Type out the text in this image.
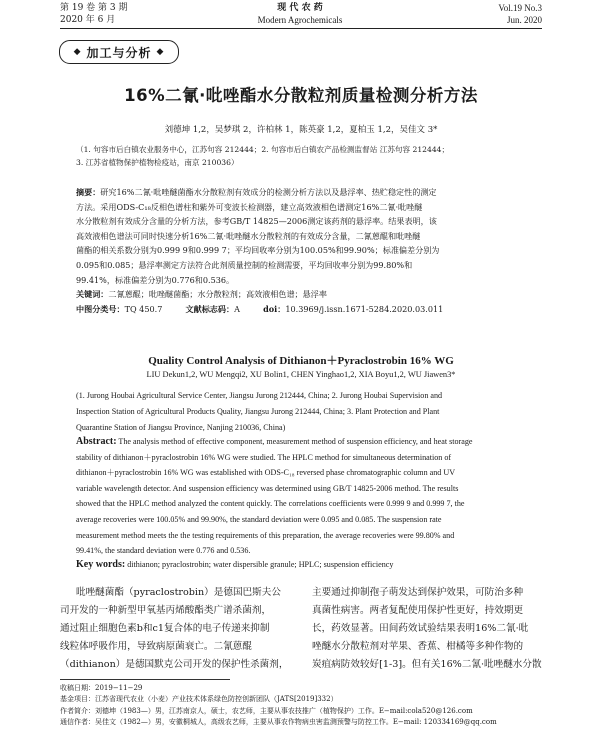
第 19 卷 第 3 期	现 代 农 药	Vol.19 No.3
2020 年 6 月	Modern Agrochemicals	Jun. 2020
◆ 加工与分析 ◆
16%二氰·吡唑酯水分散粒剂质量检测分析方法
刘德坤 1,2，吴梦琪 2，许柏林 1，陈英豪 1,2，夏柏玉 1,2，吴佳文 3*
（1. 句容市后白镇农业服务中心，江苏句容 212444；2. 句容市后白镇农产品检测监督站 江苏句容 212444；
3. 江苏省植物保护植物检疫站，南京 210036）
摘要：研究16%二氰·吡唑醚菌酯水分散粒剂有效成分的检测分析方法以及悬浮率、热贮稳定性的测定
方法。采用ODS-C₁₈反相色谱柱和紫外可变波长检测器，建立高效液相色谱测定16%二氰·吡唑醚
水分散粒剂有效成分含量的分析方法，参考GB/T 14825—2006测定该药剂的悬浮率。结果表明，该
高效液相色谱法可同时快速分析16%二氰·吡唑醚水分散粒剂的有效成分含量，二氰蒽醌和吡唑醚
菌酯的相关系数分别为0.999 9和0.999 7；平均回收率分别为100.05%和99.90%；标准偏差分别为
0.095和0.085；悬浮率测定方法符合此剂质量控制的检测需要，平均回收率分别为99.80%和
99.41%，标准偏差分别为0.776和0.536。
关键词：二氰蒽醌；吡唑醚菌酯；水分散粒剂；高效液相色谱；悬浮率
中图分类号：TQ 450.7	文献标志码：A	doi：10.3969/j.issn.1671-5284.2020.03.011
Quality Control Analysis of Dithianon＋Pyraclostrobin 16% WG
LIU Dekun1,2, WU Mengqi2, XU Bolin1, CHEN Yinghao1,2, XIA Boyu1,2, WU Jiawen3*
(1. Jurong Houbai Agricultural Service Center, Jiangsu Jurong 212444, China; 2. Jurong Houbai Supervision and
Inspection Station of Agricultural Products Quality, Jiangsu Jurong 212444, China; 3. Plant Protection and Plant
Quarantine Station of Jiangsu Province, Nanjing 210036, China)
Abstract: The analysis method of effective component, measurement method of suspension efficiency, and heat storage
stability of dithianon＋pyraclostrobin 16% WG were studied. The HPLC method for simultaneous determination of
dithianon＋pyraclostrobin 16% WG was established with ODS-C₁₈ reversed phase chromatographic column and UV
variable wavelength detector. And suspension efficiency was determined using GB/T 14825-2006 method. The results
showed that the HPLC method analyzed the content quickly. The correlations coefficients were 0.999 9 and 0.999 7, the
average recoveries were 100.05% and 99.90%, the standard deviation were 0.095 and 0.085. The suspension rate
measurement method meets the the testing requirements of this preparation, the average recoveries were 99.80% and
99.41%, the standard deviation were 0.776 and 0.536.
Key words: dithianon; pyraclostrobin; water dispersible granule; HPLC; suspension efficiency
吡唑醚菌酯（pyraclostrobin）是德国巴斯夫公
司开发的一种新型甲氧基丙烯酸酯类广谱杀菌剂，
通过阻止细胞色素b和c1复合体的电子传递来抑制
线粒体呼吸作用，导致病原菌衰亡。二氰蒽醌
（dithianon）是德国默克公司开发的保护性杀菌剂，
主要通过抑制孢子萌发达到保护效果，可防治多种
真菌性病害。两者复配使用保护性更好，持效期更
长，药效显著。田间药效试验结果表明16%二氰·吡
唑醚水分散粒剂对苹果、香蕉、柑橘等多种作物的
炭疽病防效较好[1-3]。但有关16%二氰·吡唑醚水分散
收稿日期：2019−11−29
基金项目：江苏省现代农业（小麦）产业技术体系绿色防控创新团队（JATS[2019]332）
作者简介：刘德坤（1983—）男，江苏南京人，硕士，农艺师，主要从事农技推广（植物保护）工作。E−mail:cola520@126.com
通信作者：吴佳文（1982—）男，安徽桐城人，高级农艺师，主要从事农作物病虫害监测预警与防控工作。E−mail: 120334169@qq.com
